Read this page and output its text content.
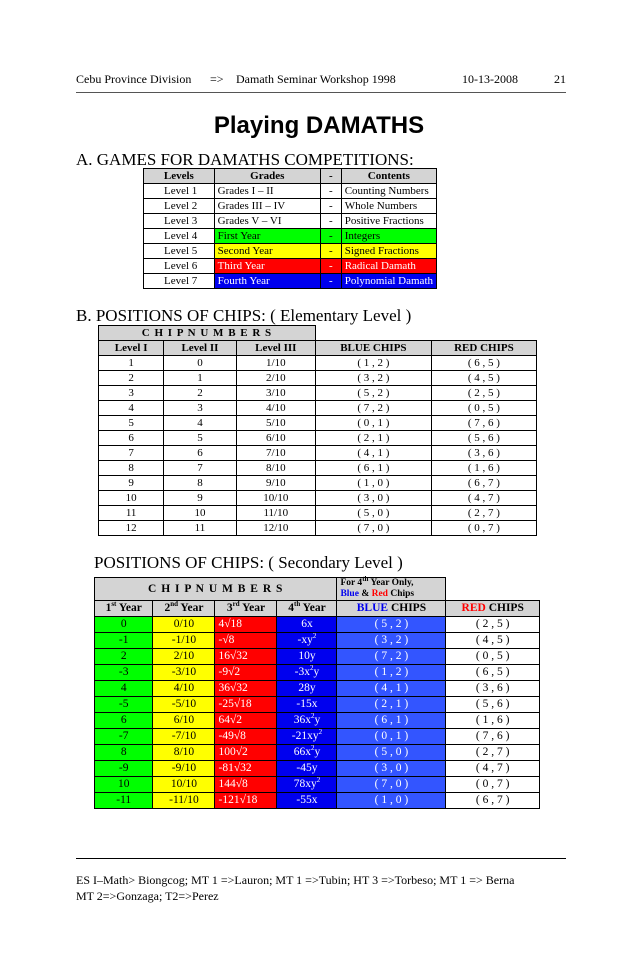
Cebu Province Division => Damath Seminar Workshop 1998	10-13-2008	21
Playing DAMATHS
A. GAMES FOR DAMATHS COMPETITIONS:
Levels	Grades	-	Contents
Level 1	Grades I – II	-	Counting Numbers
Level 2	Grades III – IV	-	Whole Numbers
Level 3	Grades V – VI	-	Positive Fractions
Level 4	First Year	-	Integers
Level 5	Second Year	-	Signed Fractions
Level 6	Third Year	-	Radical Damath
Level 7	Fourth Year	-	Polynomial Damath
B. POSITIONS OF CHIPS: ( Elementary Level )
C H I P N U M B E R S				
Level I	Level II	Level III	BLUE CHIPS	RED CHIPS
1	0	1/10	( 1 , 2 )	( 6 , 5 )
2	1	2/10	( 3 , 2 )	( 4 , 5 )
3	2	3/10	( 5 , 2 )	( 2 , 5 )
4	3	4/10	( 7 , 2 )	( 0 , 5 )
5	4	5/10	( 0 , 1 )	( 7 , 6 )
6	5	6/10	( 2 , 1 )	( 5 , 6 )
7	6	7/10	( 4 , 1 )	( 3 , 6 )
8	7	8/10	( 6 , 1 )	( 1 , 6 )
9	8	9/10	( 1 , 0 )	( 6 , 7 )
10	9	10/10	( 3 , 0 )	( 4 , 7 )
11	10	11/10	( 5 , 0 )	( 2 , 7 )
12	11	12/10	( 7 , 0 )	( 0 , 7 )
POSITIONS OF CHIPS: ( Secondary Level )
C H I P N U M B E R S				For 4th Year Only,
Blue & Red Chips	
1st Year	2nd Year	3rd Year	4th Year	BLUE CHIPS	RED CHIPS
0	0/10	4√18	6x	( 5 , 2 )	( 2 , 5 )
-1	-1/10	-√8	$-xy^2$	( 3 , 2 )	( 4 , 5 )
2	2/10	16√32	10y	( 7 , 2 )	( 0 , 5 )
-3	-3/10	-9√2	$-3x^2y$	( 1 , 2 )	( 6 , 5 )
4	4/10	36√32	28y	( 4 , 1 )	( 3 , 6 )
-5	-5/10	-25√18	-15x	( 2 , 1 )	( 5 , 6 )
6	6/10	64√2	$36x^2y$	( 6 , 1 )	( 1 , 6 )
-7	-7/10	-49√8	$-21xy^2$	( 0 , 1 )	( 7 , 6 )
8	8/10	100√2	$66x^2y$	( 5 , 0 )	( 2 , 7 )
-9	-9/10	-81√32	-45y	( 3 , 0 )	( 4 , 7 )
10	10/10	144√8	$78xy^2$	( 7 , 0 )	( 0 , 7 )
-11	-11/10	-121√18	-55x	( 1 , 0 )	( 6 , 7 )
ES I–Math> Biongcog; MT 1 =>Lauron; MT 1 =>Tubin; HT 3 =>Torbeso; MT 1 => Berna
MT 2=>Gonzaga; T2=>Perez
